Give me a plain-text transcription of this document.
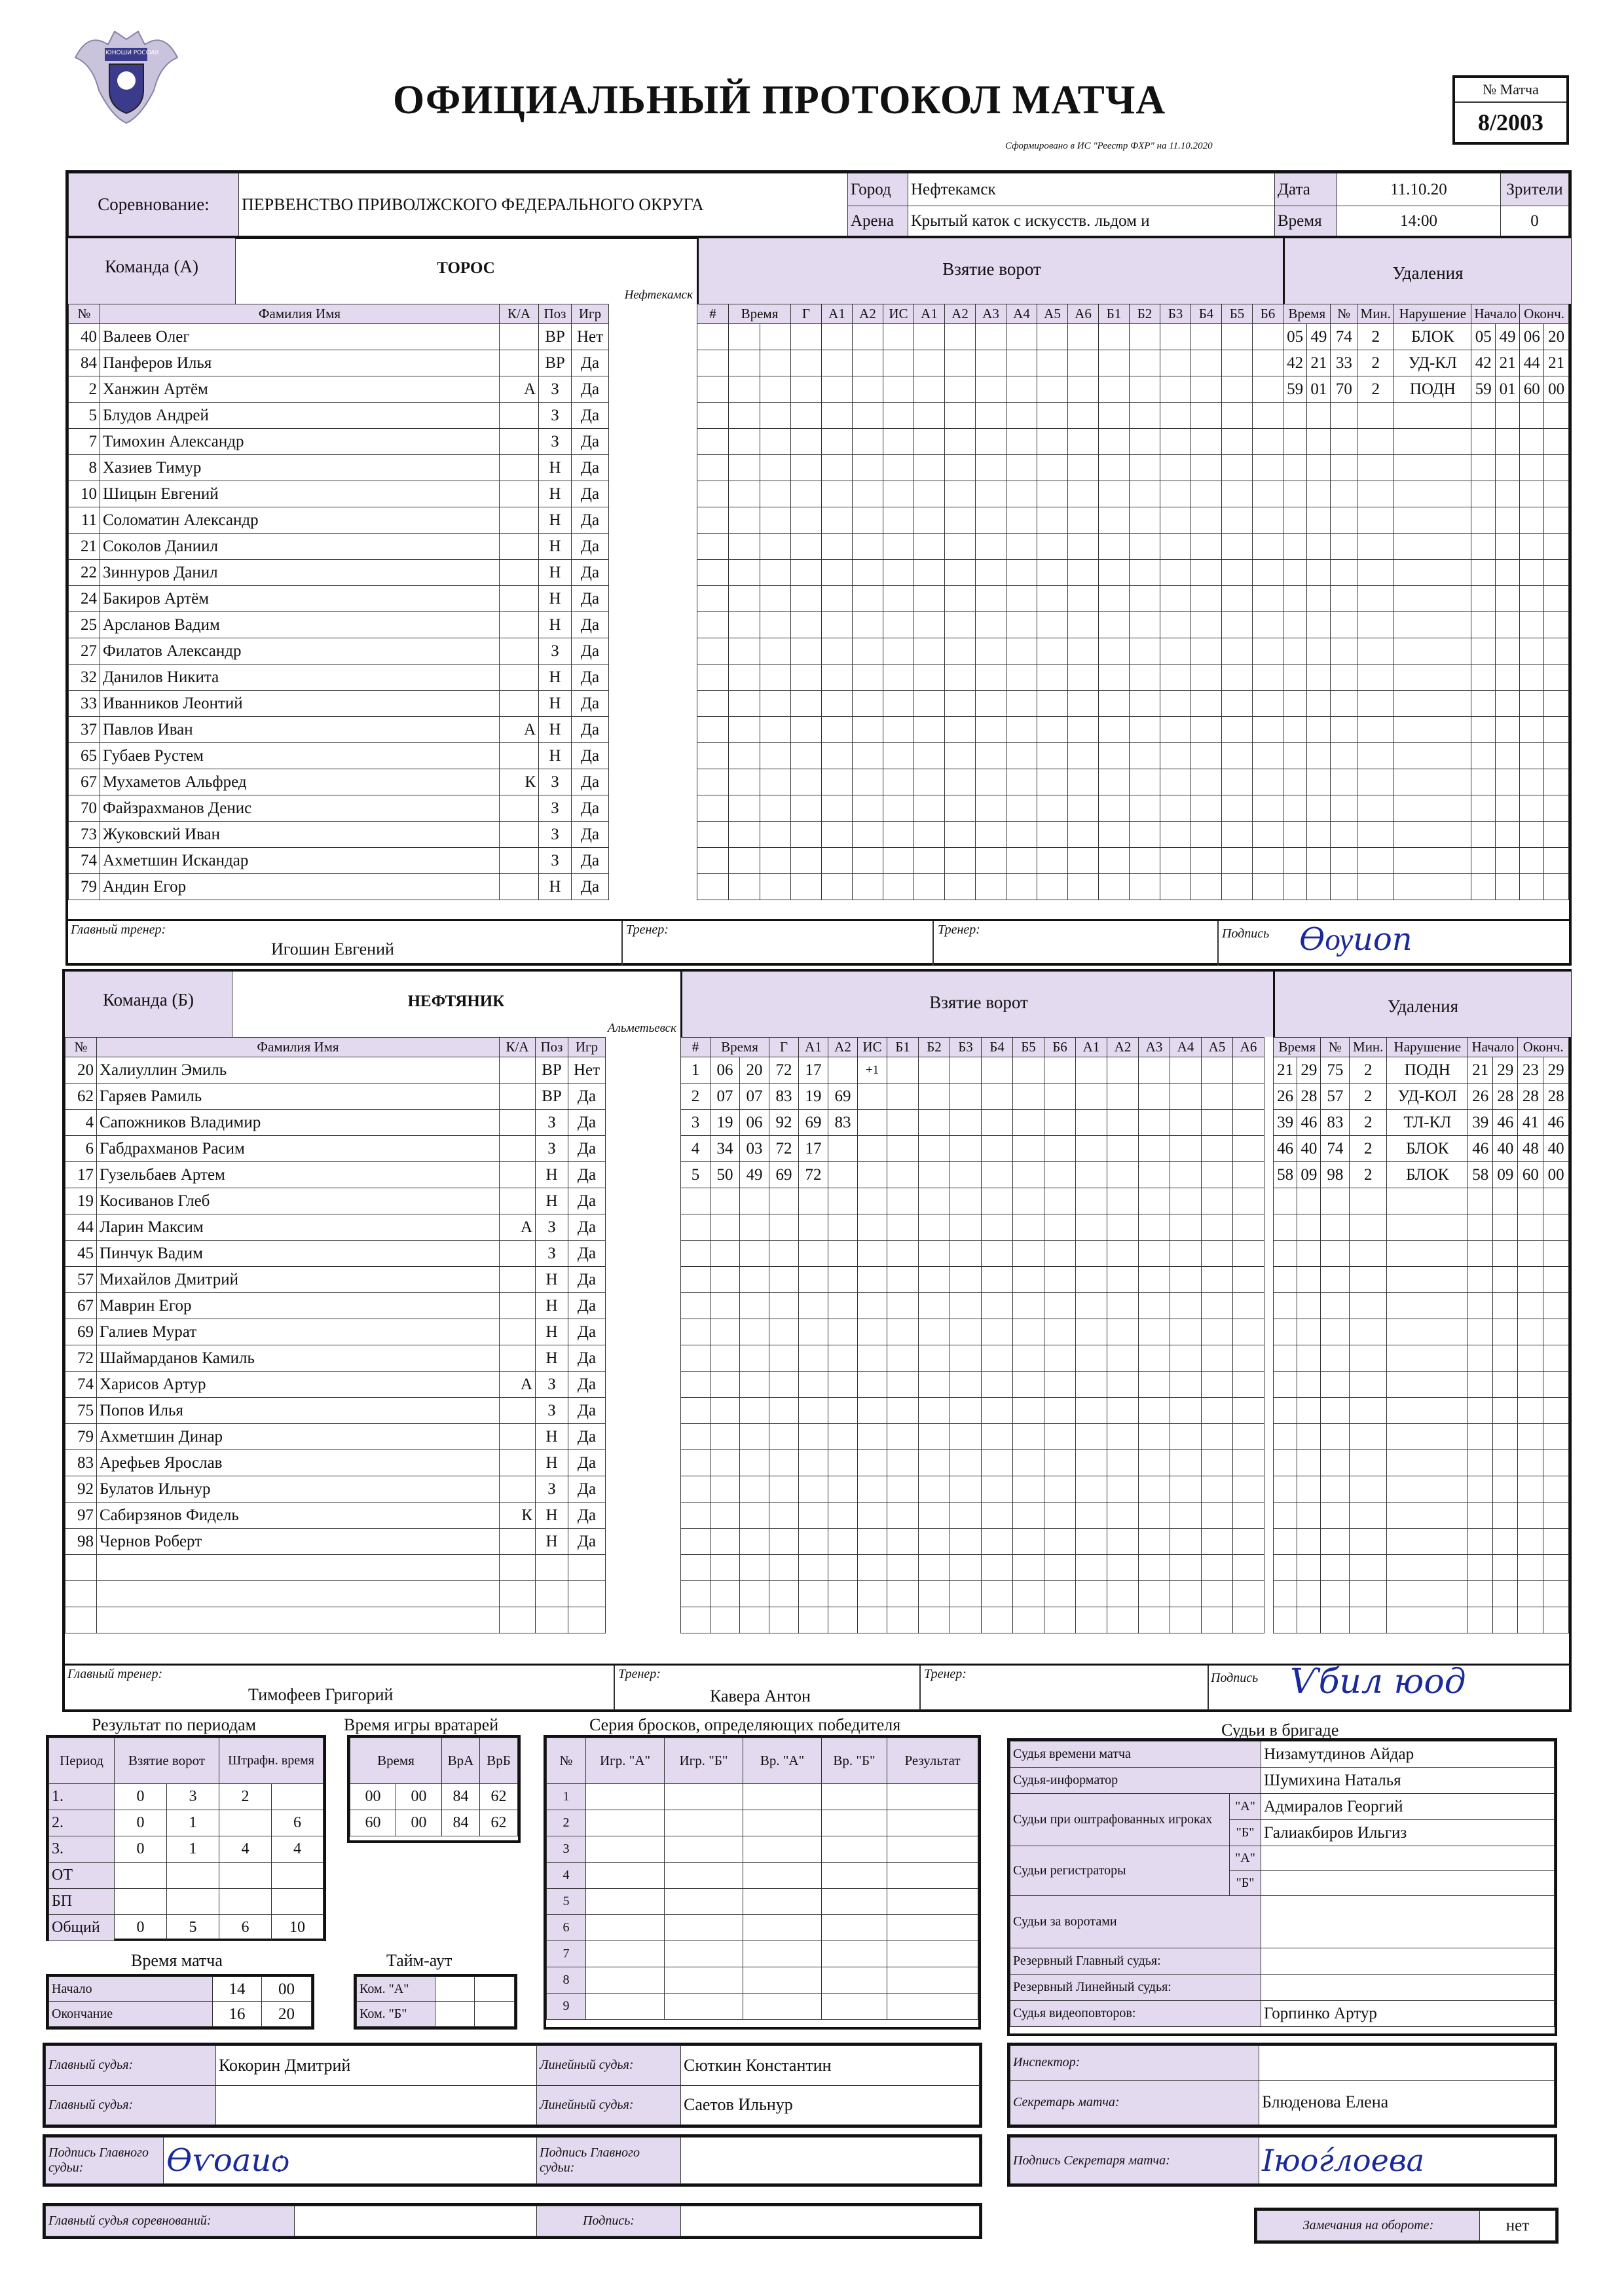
ЮНОШИ РОССИИ
ОФИЦИАЛЬНЫЙ ПРОТОКОЛ МАТЧА
Сформировано в ИС "Реестр ФХР" на 11.10.2020
№ Матча
8/2003
Соревнование:	ПЕРВЕНСТВО ПРИВОЛЖСКОГО ФЕДЕРАЛЬНОГО ОКРУГА	Город	Нефтекамск	Дата	11.10.20	Зрители
		Арена	Крытый каток с искусств. льдом и	Время	14:00	0
Команда (А)	ТОРОС
Нефтекамск
Взятие ворот	Удаления
№	Фамилия Имя	К/А	Поз	Игр
40	Валеев Олег		ВР	Нет
84	Панферов Илья		ВР	Да
2	Ханжин Артём	А	З	Да
5	Блудов Андрей		З	Да
7	Тимохин Александр		З	Да
8	Хазиев Тимур		Н	Да
10	Шицын Евгений		Н	Да
11	Соломатин Александр		Н	Да
21	Соколов Даниил		Н	Да
22	Зиннуров Данил		Н	Да
24	Бакиров Артём		Н	Да
25	Арсланов Вадим		Н	Да
27	Филатов Александр		З	Да
32	Данилов Никита		Н	Да
33	Иванников Леонтий		Н	Да
37	Павлов Иван	А	Н	Да
65	Губаев Рустем		Н	Да
67	Мухаметов Альфред	К	З	Да
70	Файзрахманов Денис		З	Да
73	Жуковский Иван		З	Да
74	Ахметшин Искандар		З	Да
79	Андин Егор		Н	Да
#	Время		Г	А1	А2	ИС	А1	А2	А3	А4	А5	А6	Б1	Б2	Б3	Б4	Б5	Б6

																		Время		№	Мин.	Нарушение	Начало		Оконч.	
05	49	74	2	БЛОК	05	49	06	20
42	21	33	2	УД-КЛ	42	21	44	21
59	01	70	2	ПОДН	59	01	60	00

Главный тренер:
Игошин Евгений
Тренер:	Тренер:	Подпись Ѳѹиоп
Команда (Б)	НЕФТЯНИК
Альметьевск
Взятие ворот	Удаления
№	Фамилия Имя	К/А	Поз	Игр
20	Халиуллин Эмиль		ВР	Нет
62	Гаряев Рамиль		ВР	Да
4	Сапожников Владимир		З	Да
6	Габдрахманов Расим		З	Да
17	Гузельбаев Артем		Н	Да
19	Косиванов Глеб		Н	Да
44	Ларин Максим	А	З	Да
45	Пинчук Вадим		З	Да
57	Михайлов Дмитрий		Н	Да
67	Маврин Егор		Н	Да
69	Галиев Мурат		Н	Да
72	Шаймарданов Камиль		Н	Да
74	Харисов Артур	А	З	Да
75	Попов Илья		З	Да
79	Ахметшин Динар		Н	Да
83	Арефьев Ярослав		Н	Да
92	Булатов Ильнур		З	Да
97	Сабирзянов Фидель	К	Н	Да
98	Чернов Роберт		Н	Да

#	Время		Г	А1	А2	ИС	Б1	Б2	Б3	Б4	Б5	Б6	А1	А2	А3	А4	А5	А6
1	06	20	72	17		+1												
2	07	07	83	19	69													
3	19	06	92	69	83													
4	34	03	72	17														
5	50	49	69	72														

Время		№	Мин.	Нарушение	Начало		Оконч.	
21	29	75	2	ПОДН	21	29	23	29
26	28	57	2	УД-КОЛ	26	28	28	28
39	46	83	2	ТЛ-КЛ	39	46	41	46
46	40	74	2	БЛОК	46	40	48	40
58	09	98	2	БЛОК	58	09	60	00

Главный тренер:
Тимофеев Григорий
Тренер:
Кавера Антон
Тренер:	Подпись Ѵбил юод
Результат по периодам
Период	Взятие ворот		Штрафн. время	
1.	0	3	2	
2.	0	1		6
3.	0	1	4	4
ОТ				
БП				
Общий	0	5	6	10
Время игры вратарей
Время		ВрА	ВрБ
00	00	84	62
60	00	84	62
Время матча
Начало	14	00
Окончание	16	20
Тайм-аут
Ком. "А"		
Ком. "Б"		
Серия бросков, определяющих победителя
№	Игр. "А"	Игр. "Б"	Вр. "А"	Вр. "Б"	Результат
1					
2					
3					
4					
5					
6					
7					
8					
9					
Судьи в бригаде
Судья времени матча		Низамутдинов Айдар
Судья-информатор		Шумихина Наталья
Судьи при оштрафованных игроках	"А"	Адмиралов Георгий
	"Б"	Галиакбиров Ильгиз
Судьи регистраторы	"А"	
	"Б"	
Судьи за воротами		
Резервный Главный судья:		
Резервный Линейный судья:		
Судья видеоповторов:		Горпинко Артур
Главный судья:	Кокорин Дмитрий	Линейный судья:	Сюткин Константин
Главный судья:		Линейный судья:	Саетов Ильнур
Инспектор:	
Секретарь матча:	Блюденова Елена
Подпись Главного судьи:	Ѳѵоаиѻ	Подпись Главного судьи:	
Подпись Секретаря матча:	Ӏюоѓлоева
Главный судья соревнований:		Подпись:		Замечания на обороте:	нет
